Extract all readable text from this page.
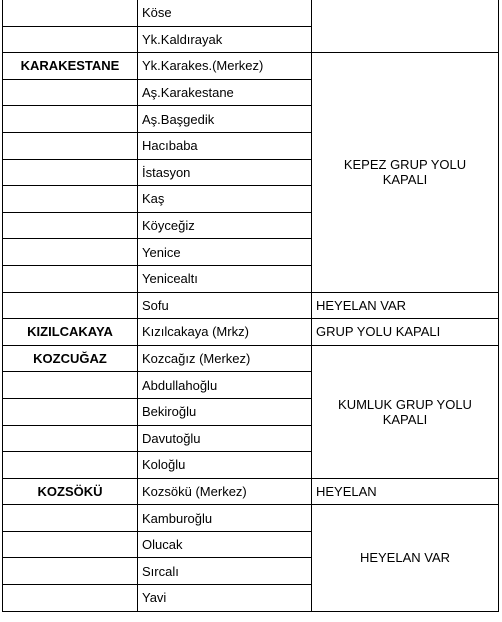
	Köse	
	Yk.Kaldırayak	
KARAKESTANE	Yk.Karakes.(Merkez)	KEPEZ GRUP YOLU KAPALI
	Aş.Karakestane	
	Aş.Başgedik	
	Hacıbaba	
	İstasyon	
	Kaş	
	Köyceğiz	
	Yenice	
	Yenicealtı	
	Sofu	HEYELAN VAR
KIZILCAKAYA	Kızılcakaya (Mrkz)	GRUP YOLU KAPALI
KOZCUĞAZ	Kozcağız (Merkez)	KUMLUK GRUP YOLU KAPALI
	Abdullahoğlu	
	Bekiroğlu	
	Davutoğlu	
	Koloğlu	
KOZSÖKÜ	Kozsökü (Merkez)	HEYELAN
	Kamburoğlu	HEYELAN VAR
	Olucak	
	Sırcalı	
	Yavi	
